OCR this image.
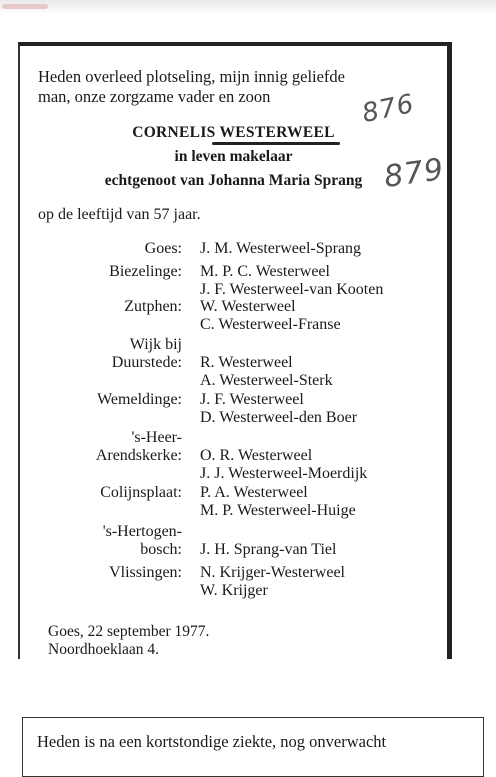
Heden overleed plotseling, mijn innig geliefde
man, onze zorgzame vader en zoon
CORNELIS WESTERWEEL
in leven makelaar
echtgenoot van Johanna Maria Sprang
op de leeftijd van 57 jaar.
Goes: J. M. Westerweel-Sprang
Biezelinge: M. P. C. Westerweel
J. F. Westerweel-van Kooten
Zutphen: W. Westerweel
C. Westerweel-Franse
Wijk bij
Duurstede: R. Westerweel
A. Westerweel-Sterk
Wemeldinge: J. F. Westerweel
D. Westerweel-den Boer
's-Heer-
Arendskerke: O. R. Westerweel
J. J. Westerweel-Moerdijk
Colijnsplaat: P. A. Westerweel
M. P. Westerweel-Huige
's-Hertogen-
bosch: J. H. Sprang-van Tiel
Vlissingen: N. Krijger-Westerweel
W. Krijger
Goes, 22 september 1977.
Noordhoeklaan 4.
876
879
Heden is na een kortstondige ziekte, nog onverwacht
